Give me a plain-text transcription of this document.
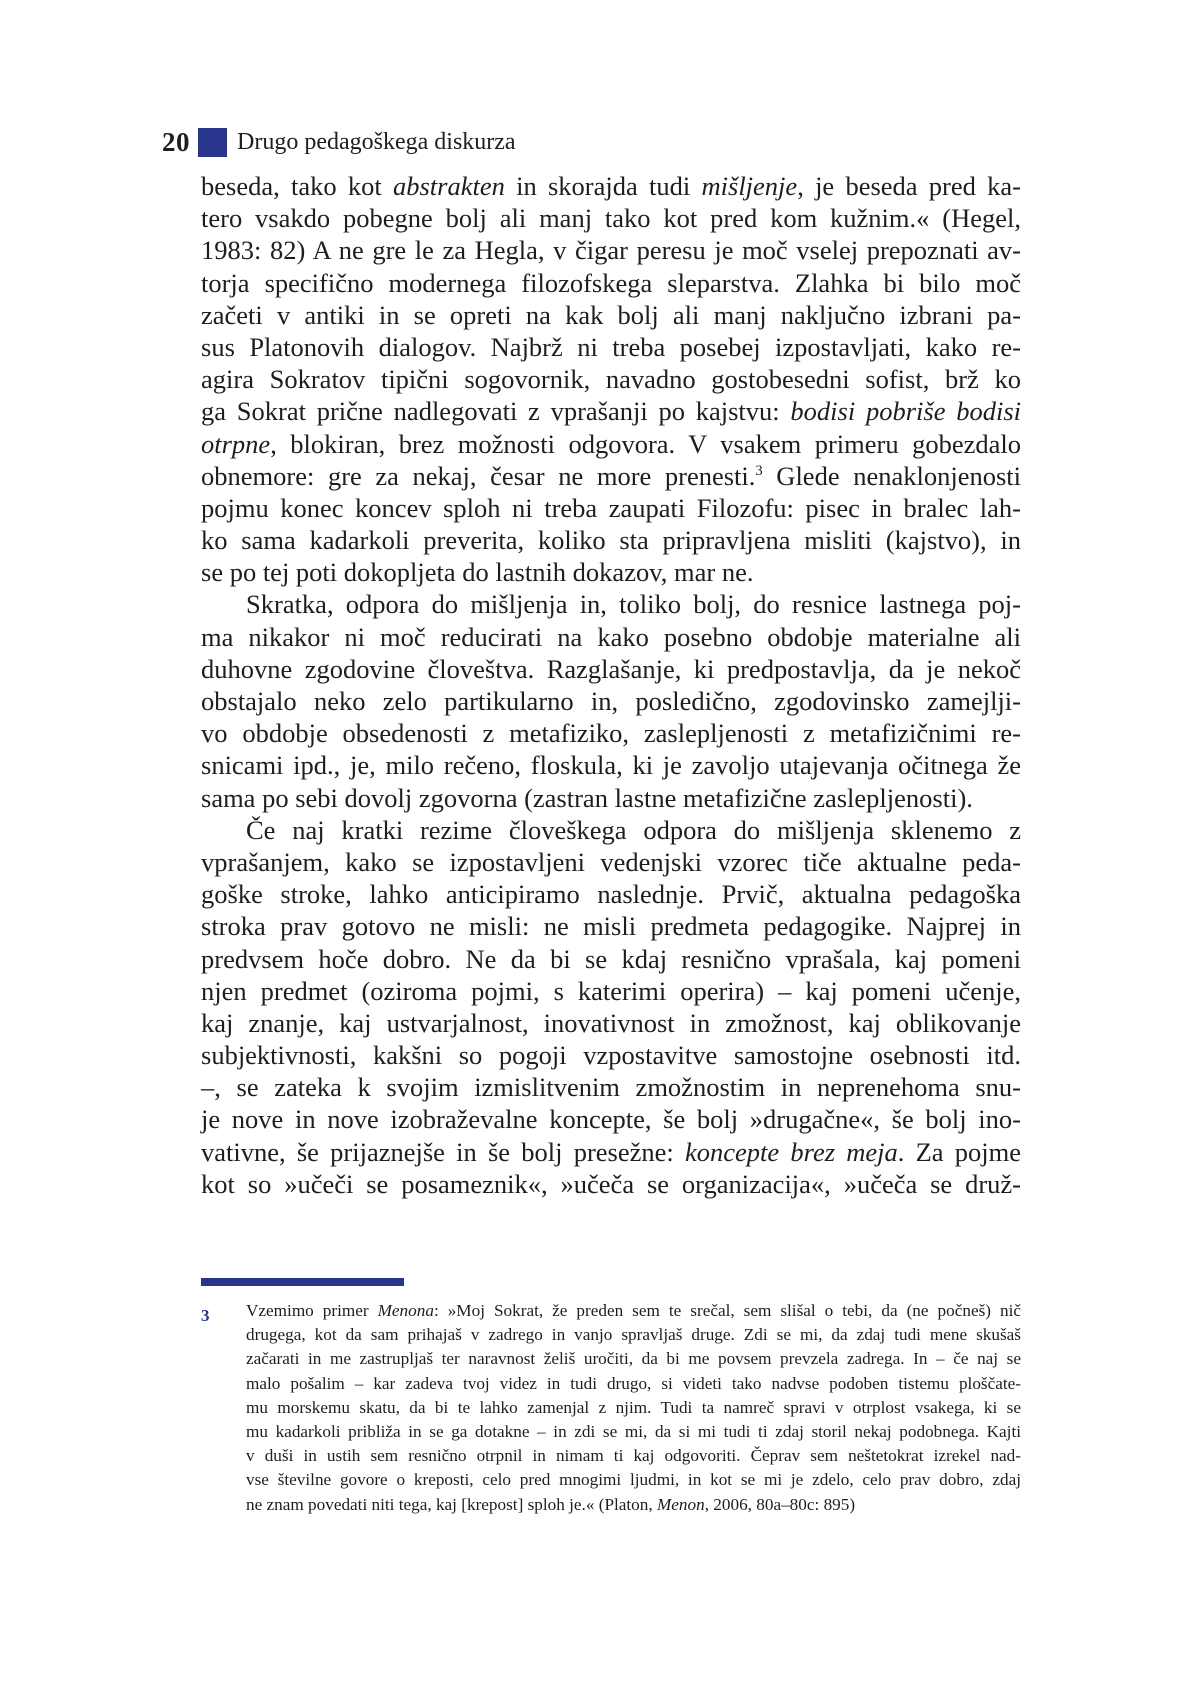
20 Drugo pedagoškega diskurza
beseda, tako kot abstrakten in skorajda tudi mišljenje, je beseda pred ka-
tero vsakdo pobegne bolj ali manj tako kot pred kom kužnim.« (Hegel,
1983: 82) A ne gre le za Hegla, v čigar peresu je moč vselej prepoznati av-
torja specifično modernega filozofskega sleparstva. Zlahka bi bilo moč
začeti v antiki in se opreti na kak bolj ali manj naključno izbrani pa-
sus Platonovih dialogov. Najbrž ni treba posebej izpostavljati, kako re-
agira Sokratov tipični sogovornik, navadno gostobesedni sofist, brž ko
ga Sokrat prične nadlegovati z vprašanji po kajstvu: bodisi pobriše bodisi
otrpne, blokiran, brez možnosti odgovora. V vsakem primeru gobezdalo
obnemore: gre za nekaj, česar ne more prenesti.$^3$ Glede nenaklonjenosti
pojmu konec koncev sploh ni treba zaupati Filozofu: pisec in bralec lah-
ko sama kadarkoli preverita, koliko sta pripravljena misliti (kajstvo), in
se po tej poti dokopljeta do lastnih dokazov, mar ne.
Skratka, odpora do mišljenja in, toliko bolj, do resnice lastnega poj-
ma nikakor ni moč reducirati na kako posebno obdobje materialne ali
duhovne zgodovine človeštva. Razglašanje, ki predpostavlja, da je nekoč
obstajalo neko zelo partikularno in, posledično, zgodovinsko zamejlji-
vo obdobje obsedenosti z metafiziko, zaslepljenosti z metafizičnimi re-
snicami ipd., je, milo rečeno, floskula, ki je zavoljo utajevanja očitnega že
sama po sebi dovolj zgovorna (zastran lastne metafizične zaslepljenosti).
Če naj kratki rezime človeškega odpora do mišljenja sklenemo z
vprašanjem, kako se izpostavljeni vedenjski vzorec tiče aktualne peda-
goške stroke, lahko anticipiramo naslednje. Prvič, aktualna pedagoška
stroka prav gotovo ne misli: ne misli predmeta pedagogike. Najprej in
predvsem hoče dobro. Ne da bi se kdaj resnično vprašala, kaj pomeni
njen predmet (oziroma pojmi, s katerimi operira) – kaj pomeni učenje,
kaj znanje, kaj ustvarjalnost, inovativnost in zmožnost, kaj oblikovanje
subjektivnosti, kakšni so pogoji vzpostavitve samostojne osebnosti itd.
–, se zateka k svojim izmislitvenim zmožnostim in neprenehoma snu-
je nove in nove izobraževalne koncepte, še bolj »drugačne«, še bolj ino-
vativne, še prijaznejše in še bolj presežne: koncepte brez meja. Za pojme
kot so »učeči se posameznik«, »učeča se organizacija«, »učeča se druž-
3 Vzemimo primer Menona: »Moj Sokrat, že preden sem te srečal, sem slišal o tebi, da (ne počneš) nič
drugega, kot da sam prihajaš v zadrego in vanjo spravljaš druge. Zdi se mi, da zdaj tudi mene skušaš
začarati in me zastrupljaš ter naravnost želiš uročiti, da bi me povsem prevzela zadrega. In – če naj se
malo pošalim – kar zadeva tvoj videz in tudi drugo, si videti tako nadvse podoben tistemu ploščate-
mu morskemu skatu, da bi te lahko zamenjal z njim. Tudi ta namreč spravi v otrplost vsakega, ki se
mu kadarkoli približa in se ga dotakne – in zdi se mi, da si mi tudi ti zdaj storil nekaj podobnega. Kajti
v duši in ustih sem resnično otrpnil in nimam ti kaj odgovoriti. Čeprav sem neštetokrat izrekel nad-
vse številne govore o kreposti, celo pred mnogimi ljudmi, in kot se mi je zdelo, celo prav dobro, zdaj
ne znam povedati niti tega, kaj [krepost] sploh je.« (Platon, Menon, 2006, 80a–80c: 895)
